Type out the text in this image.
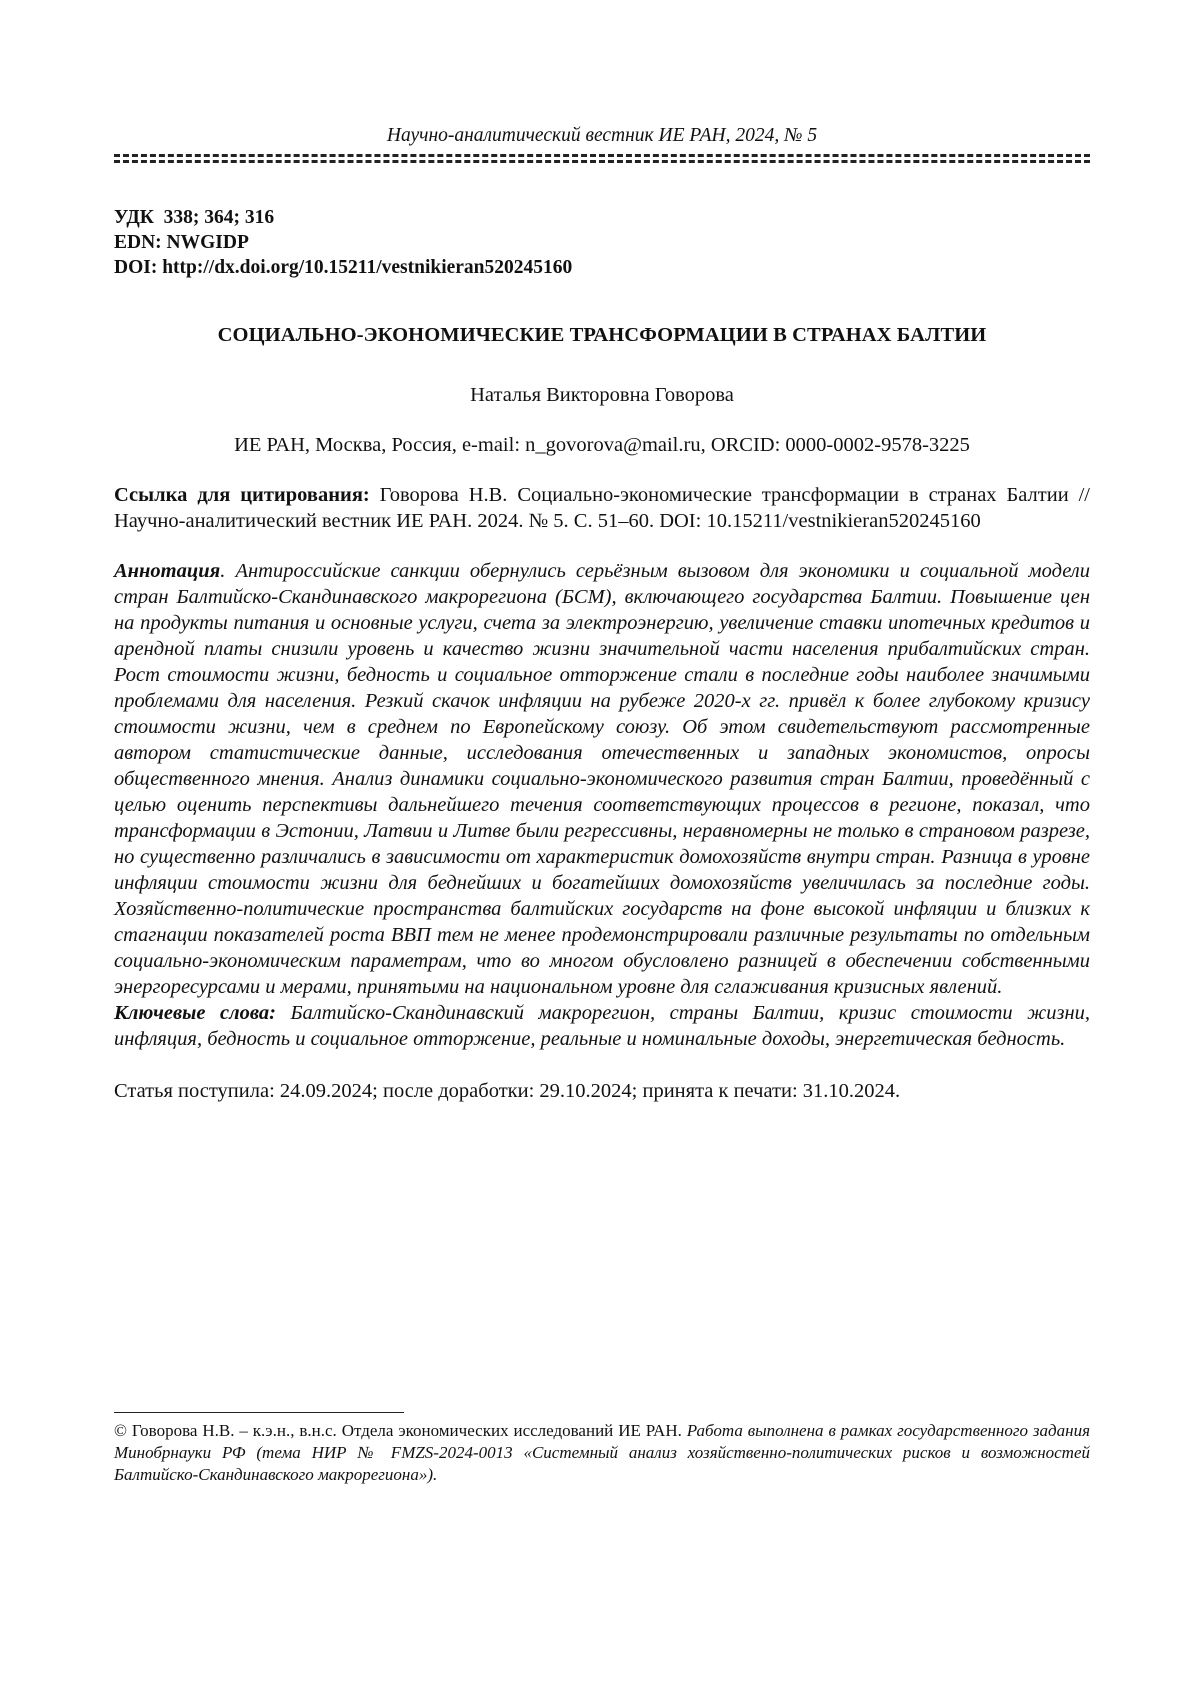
Научно-аналитический вестник ИЕ РАН, 2024, № 5
УДК  338; 364; 316
EDN: NWGIDP
DOI: http://dx.doi.org/10.15211/vestnikieran520245160
СОЦИАЛЬНО-ЭКОНОМИЧЕСКИЕ ТРАНСФОРМАЦИИ В СТРАНАХ БАЛТИИ
Наталья Викторовна Говорова
ИЕ РАН, Москва, Россия, e-mail: n_govorova@mail.ru, ORCID: 0000-0002-9578-3225
Ссылка для цитирования: Говорова Н.В. Социально-экономические трансформации в странах Балтии // Научно-аналитический вестник ИЕ РАН. 2024. № 5. С. 51–60. DOI: 10.15211/vestnikieran520245160
Аннотация. Антироссийские санкции обернулись серьёзным вызовом для экономики и социальной модели стран Балтийско-Скандинавского макрорегиона (БСМ), включающего государства Балтии. Повышение цен на продукты питания и основные услуги, счета за электроэнергию, увеличение ставки ипотечных кредитов и арендной платы снизили уровень и качество жизни значительной части населения прибалтийских стран. Рост стоимости жизни, бедность и социальное отторжение стали в последние годы наиболее значимыми проблемами для населения. Резкий скачок инфляции на рубеже 2020-х гг. привёл к более глубокому кризису стоимости жизни, чем в среднем по Европейскому союзу. Об этом свидетельствуют рассмотренные автором статистические данные, исследования отечественных и западных экономистов, опросы общественного мнения. Анализ динамики социально-экономического развития стран Балтии, проведённый с целью оценить перспективы дальнейшего течения соответствующих процессов в регионе, показал, что трансформации в Эстонии, Латвии и Литве были регрессивны, неравномерны не только в страновом разрезе, но существенно различались в зависимости от характеристик домохозяйств внутри стран. Разница в уровне инфляции стоимости жизни для беднейших и богатейших домохозяйств увеличилась за последние годы. Хозяйственно-политические пространства балтийских государств на фоне высокой инфляции и близких к стагнации показателей роста ВВП тем не менее продемонстрировали различные результаты по отдельным социально-экономическим параметрам, что во многом обусловлено разницей в обеспечении собственными энергоресурсами и мерами, принятыми на национальном уровне для сглаживания кризисных явлений.
Ключевые слова: Балтийско-Скандинавский макрорегион, страны Балтии, кризис стоимости жизни, инфляция, бедность и социальное отторжение, реальные и номинальные доходы, энергетическая бедность.
Статья поступила: 24.09.2024; после доработки: 29.10.2024; принята к печати: 31.10.2024.
© Говорова Н.В. – к.э.н., в.н.с. Отдела экономических исследований ИЕ РАН. Работа выполнена в рамках государственного задания Минобрнауки РФ (тема НИР № FMZS-2024-0013 «Системный анализ хозяйственно-политических рисков и возможностей Балтийско-Скандинавского макрорегиона»).
